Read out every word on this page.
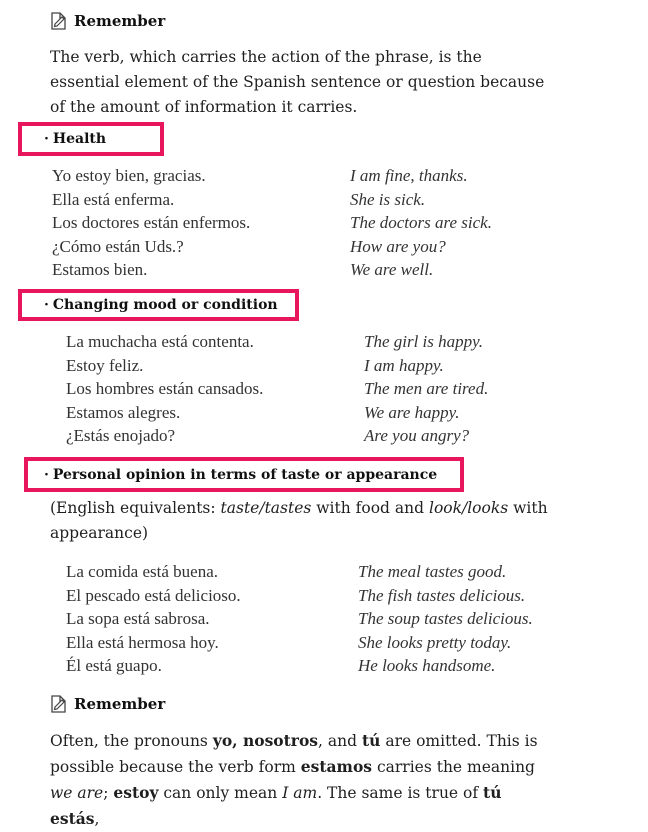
Remember
The verb, which carries the action of the phrase, is the essential element of the Spanish sentence or question because of the amount of information it carries.
· Health
Yo estoy bien, gracias.	I am fine, thanks.
Ella está enferma.	She is sick.
Los doctores están enfermos.	The doctors are sick.
¿Cómo están Uds.?	How are you?
Estamos bien.	We are well.
· Changing mood or condition
La muchacha está contenta.	The girl is happy.
Estoy feliz.	I am happy.
Los hombres están cansados.	The men are tired.
Estamos alegres.	We are happy.
¿Estás enojado?	Are you angry?
· Personal opinion in terms of taste or appearance
(English equivalents: taste/tastes with food and look/looks with appearance)
La comida está buena.	The meal tastes good.
El pescado está delicioso.	The fish tastes delicious.
La sopa está sabrosa.	The soup tastes delicious.
Ella está hermosa hoy.	She looks pretty today.
Él está guapo.	He looks handsome.
Remember
Often, the pronouns yo, nosotros, and tú are omitted. This is possible because the verb form estamos carries the meaning we are; estoy can only mean I am. The same is true of tú estás,
